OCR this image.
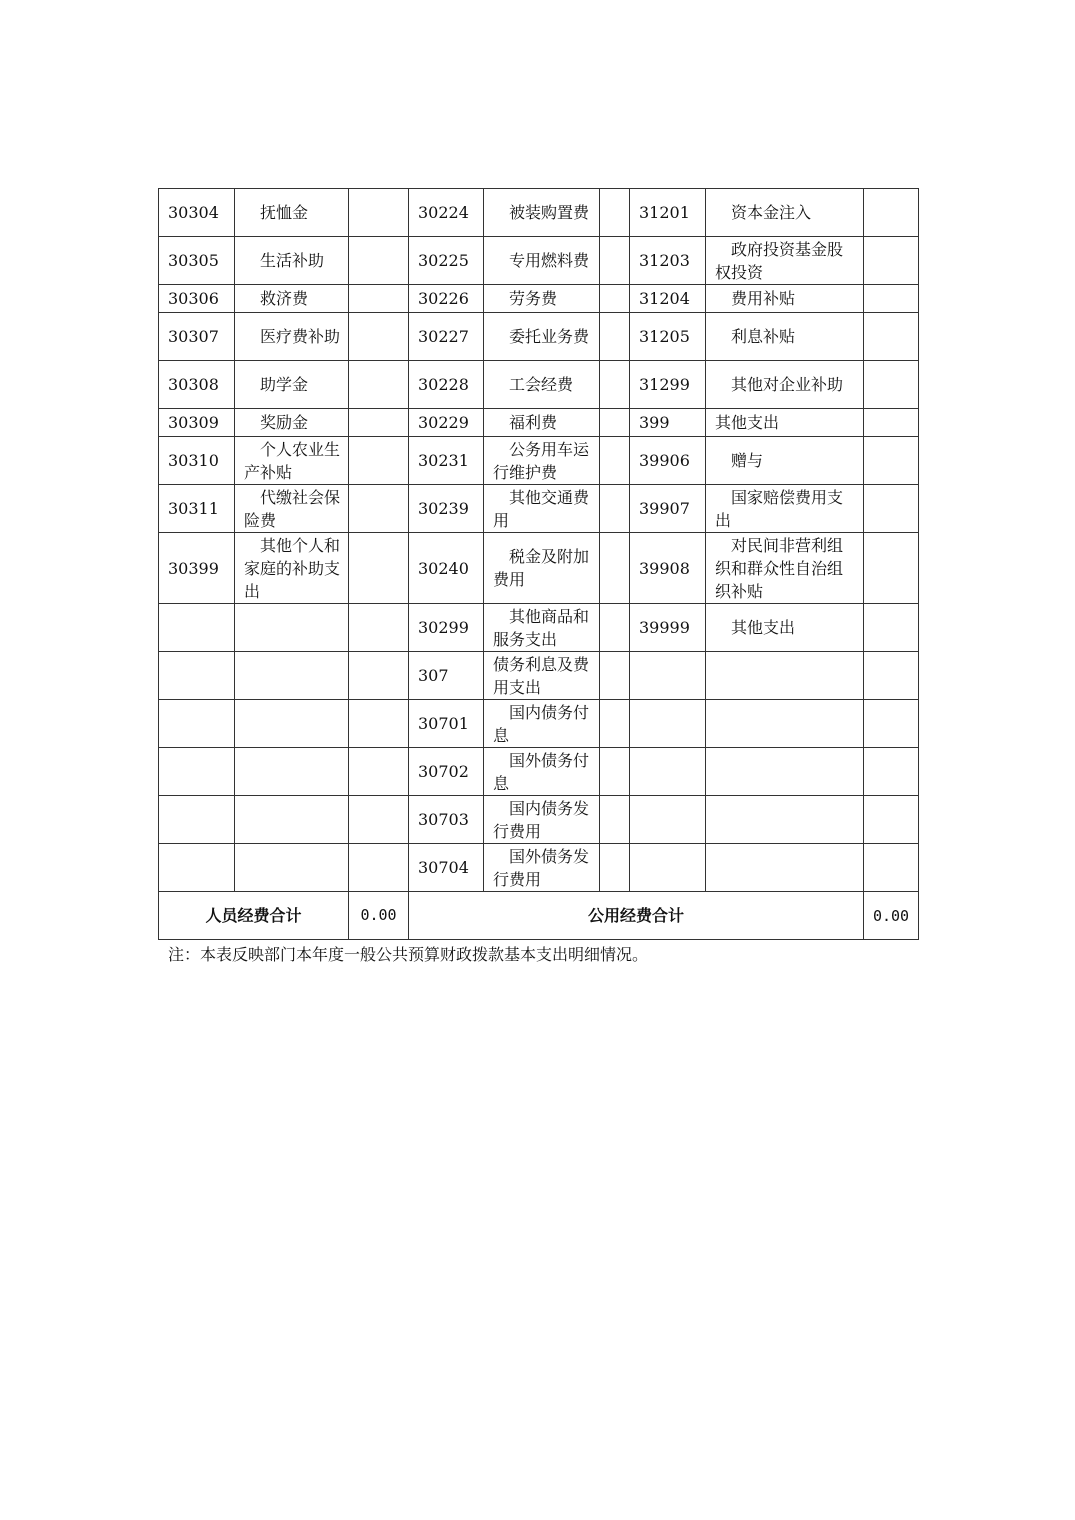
30304	抚恤金		30224	被装购置费		31201	资本金注入	
30305	生活补助		30225	专用燃料费		31203	政府投资基金股权投资	
30306	救济费		30226	劳务费		31204	费用补贴	
30307	医疗费补助		30227	委托业务费		31205	利息补贴	
30308	助学金		30228	工会经费		31299	其他对企业补助	
30309	奖励金		30229	福利费		399	其他支出	
30310	个人农业生产补贴		30231	公务用车运行维护费		39906	赠与	
30311	代缴社会保险费		30239	其他交通费用		39907	国家赔偿费用支出	
30399	其他个人和家庭的补助支出		30240	税金及附加费用		39908	对民间非营利组织和群众性自治组织补贴	
			30299	其他商品和服务支出		39999	其他支出	
			307	债务利息及费用支出				
			30701	国内债务付息				
			30702	国外债务付息				
			30703	国内债务发行费用				
			30704	国外债务发行费用				
人员经费合计		0.00	公用经费合计					0.00
注：本表反映部门本年度一般公共预算财政拨款基本支出明细情况。
